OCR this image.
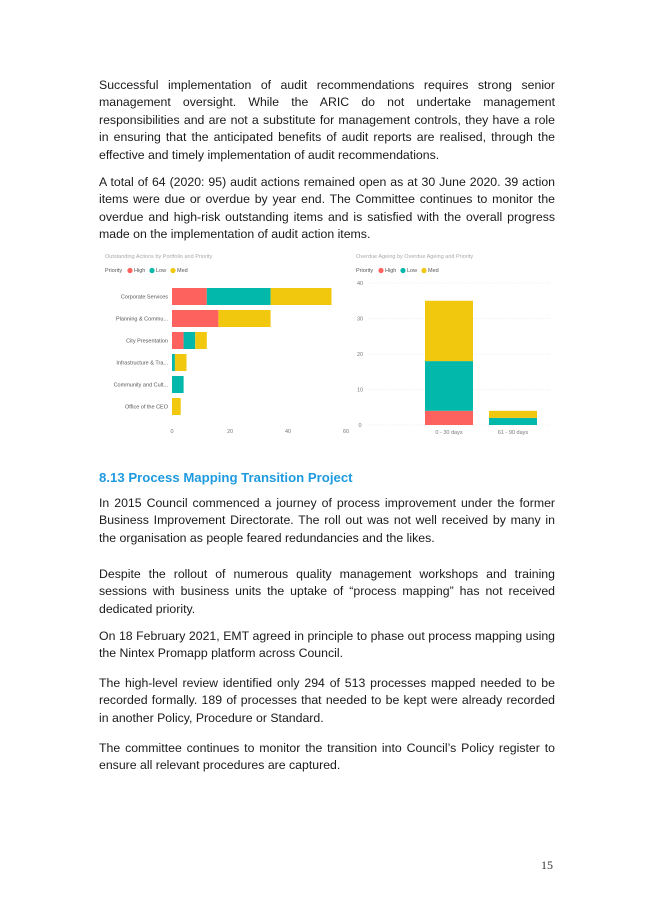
Successful implementation of audit recommendations requires strong senior management oversight. While the ARIC do not undertake management responsibilities and are not a substitute for management controls, they have a role in ensuring that the anticipated benefits of audit reports are realised, through the effective and timely implementation of audit recommendations.

A total of 64 (2020: 95) audit actions remained open as at 30 June 2020. 39 action items were due or overdue by year end. The Committee continues to monitor the overdue and high-risk outstanding items and is satisfied with the overall progress made on the implementation of audit action items.

Outstanding Actions by Portfolio and Priority
Priority High Low Med
Corporate Services
Planning & Commu...
City Presentation
Infrastructure & Tra...
Community and Cult...
Office of the CEO
0	20	40	60
Overdue Ageing by Overdue Ageing and Priority
Priority High Low Med
0
10
20
30
40
0 - 30 days	61 - 90 days
8.13 Process Mapping Transition Project

In 2015 Council commenced a journey of process improvement under the former Business Improvement Directorate. The roll out was not well received by many in the organisation as people feared redundancies and the likes.

Despite the rollout of numerous quality management workshops and training sessions with business units the uptake of “process mapping” has not received dedicated priority.

On 18 February 2021, EMT agreed in principle to phase out process mapping using the Nintex Promapp platform across Council.

The high-level review identified only 294 of 513 processes mapped needed to be recorded formally. 189 of processes that needed to be kept were already recorded in another Policy, Procedure or Standard.

The committee continues to monitor the transition into Council’s Policy register to ensure all relevant procedures are captured.

15
